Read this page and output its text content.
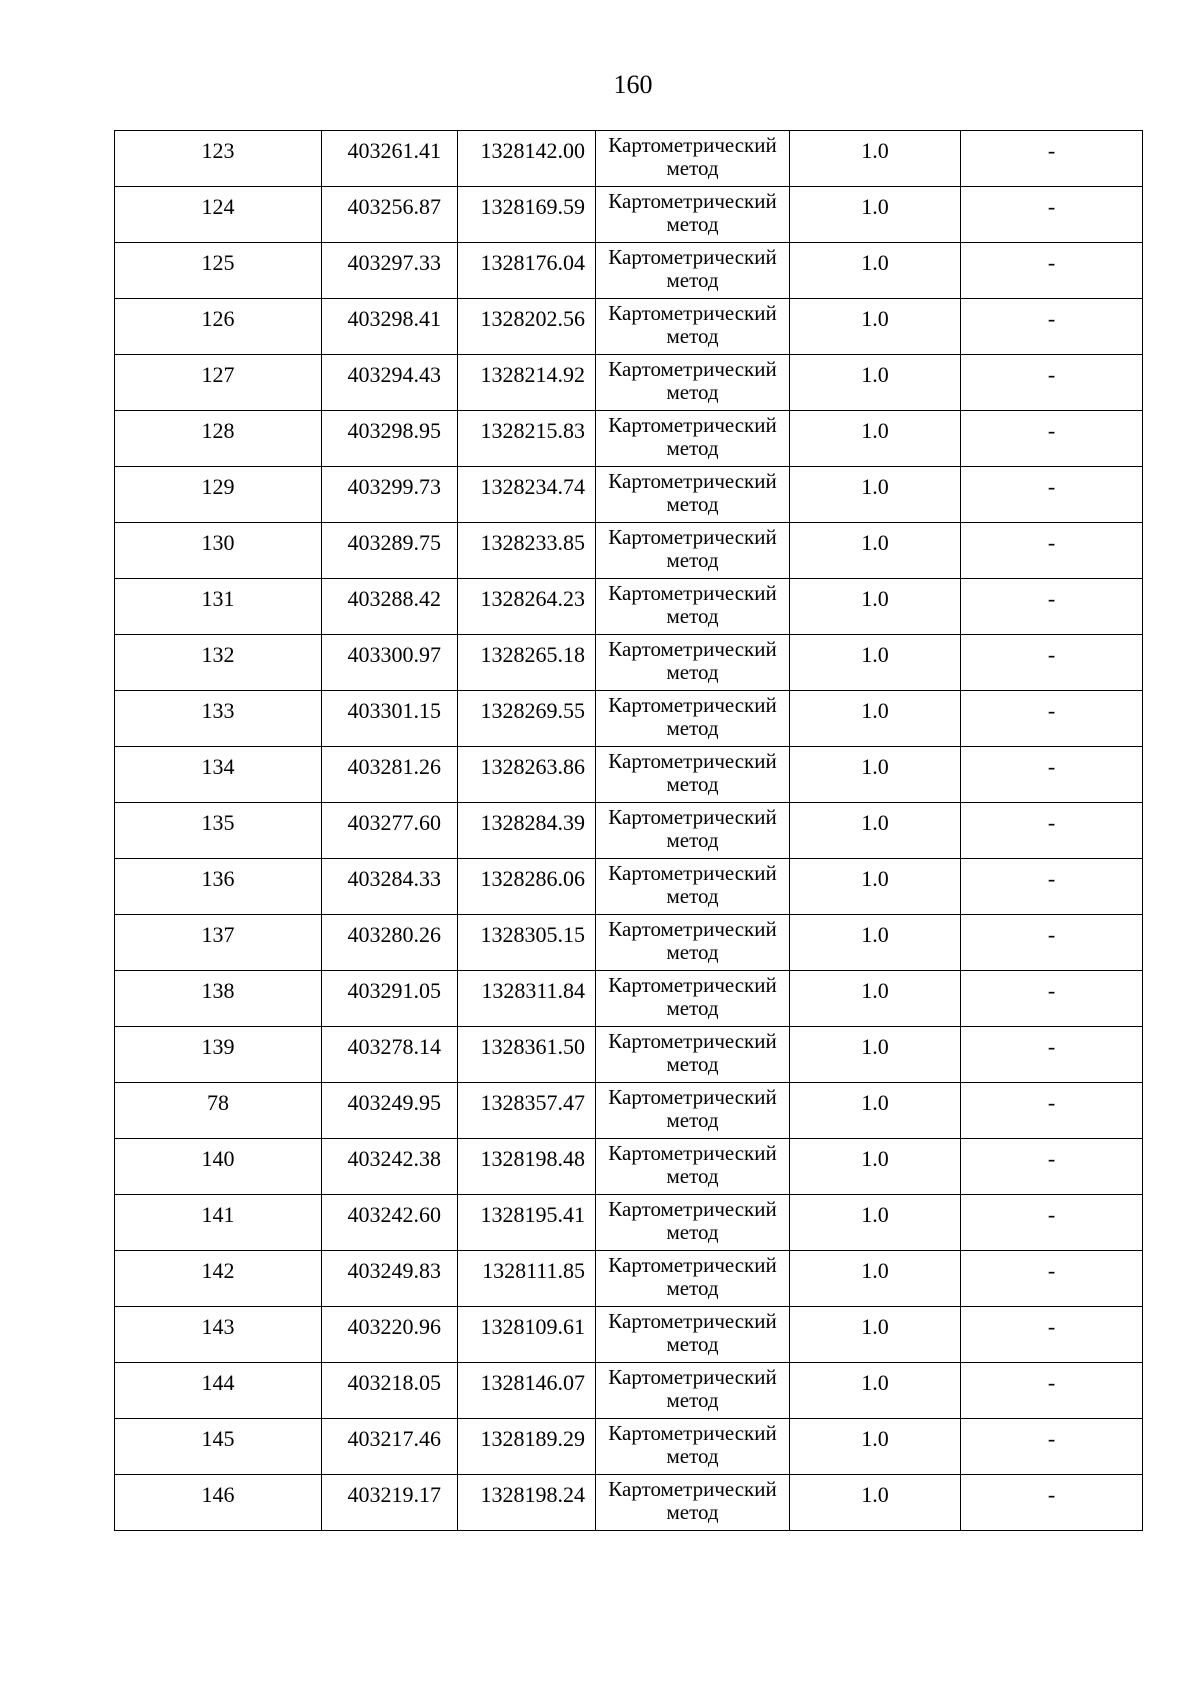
160
123	403261.41	1328142.00	Картометрический метод	1.0	-
124	403256.87	1328169.59	Картометрический метод	1.0	-
125	403297.33	1328176.04	Картометрический метод	1.0	-
126	403298.41	1328202.56	Картометрический метод	1.0	-
127	403294.43	1328214.92	Картометрический метод	1.0	-
128	403298.95	1328215.83	Картометрический метод	1.0	-
129	403299.73	1328234.74	Картометрический метод	1.0	-
130	403289.75	1328233.85	Картометрический метод	1.0	-
131	403288.42	1328264.23	Картометрический метод	1.0	-
132	403300.97	1328265.18	Картометрический метод	1.0	-
133	403301.15	1328269.55	Картометрический метод	1.0	-
134	403281.26	1328263.86	Картометрический метод	1.0	-
135	403277.60	1328284.39	Картометрический метод	1.0	-
136	403284.33	1328286.06	Картометрический метод	1.0	-
137	403280.26	1328305.15	Картометрический метод	1.0	-
138	403291.05	1328311.84	Картометрический метод	1.0	-
139	403278.14	1328361.50	Картометрический метод	1.0	-
78	403249.95	1328357.47	Картометрический метод	1.0	-
140	403242.38	1328198.48	Картометрический метод	1.0	-
141	403242.60	1328195.41	Картометрический метод	1.0	-
142	403249.83	1328111.85	Картометрический метод	1.0	-
143	403220.96	1328109.61	Картометрический метод	1.0	-
144	403218.05	1328146.07	Картометрический метод	1.0	-
145	403217.46	1328189.29	Картометрический метод	1.0	-
146	403219.17	1328198.24	Картометрический метод	1.0	-
